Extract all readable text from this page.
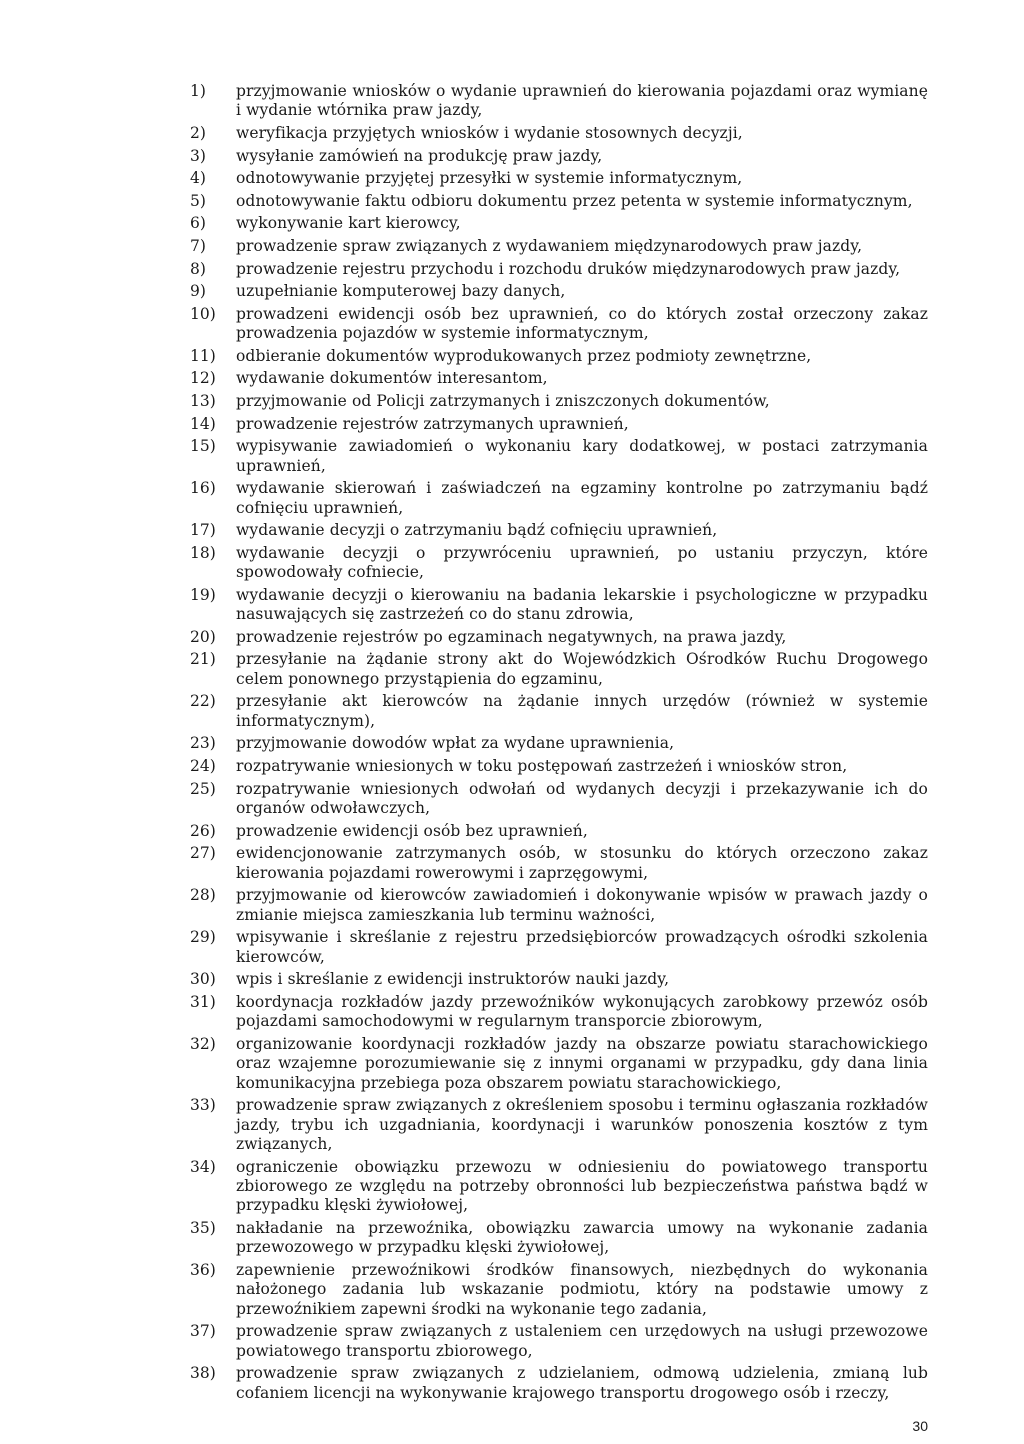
1)	przyjmowanie wniosków o wydanie uprawnień do kierowania pojazdami oraz wymianę i wydanie wtórnika praw jazdy,
2)	weryfikacja przyjętych wniosków i wydanie stosownych decyzji,
3)	wysyłanie zamówień na produkcję praw jazdy,
4)	odnotowywanie przyjętej przesyłki w systemie informatycznym,
5)	odnotowywanie faktu odbioru dokumentu przez petenta w systemie informatycznym,
6)	wykonywanie kart kierowcy,
7)	prowadzenie spraw związanych z wydawaniem międzynarodowych praw jazdy,
8)	prowadzenie rejestru przychodu i rozchodu druków międzynarodowych praw jazdy,
9)	uzupełnianie komputerowej bazy danych,
10)	prowadzeni ewidencji osób bez uprawnień, co do których został orzeczony zakaz prowadzenia pojazdów w systemie informatycznym,
11)	odbieranie dokumentów wyprodukowanych przez podmioty zewnętrzne,
12)	wydawanie dokumentów interesantom,
13)	przyjmowanie od Policji zatrzymanych i zniszczonych dokumentów,
14)	prowadzenie rejestrów zatrzymanych uprawnień,
15)	wypisywanie zawiadomień o wykonaniu kary dodatkowej, w postaci zatrzymania uprawnień,
16)	wydawanie skierowań i zaświadczeń na egzaminy kontrolne po zatrzymaniu bądź cofnięciu uprawnień,
17)	wydawanie decyzji o zatrzymaniu bądź cofnięciu uprawnień,
18)	wydawanie decyzji o przywróceniu uprawnień, po ustaniu przyczyn, które spowodowały cofniecie,
19)	wydawanie decyzji o kierowaniu na badania lekarskie i psychologiczne w przypadku nasuwających się zastrzeżeń co do stanu zdrowia,
20)	prowadzenie rejestrów po egzaminach negatywnych, na prawa jazdy,
21)	przesyłanie na żądanie strony akt do Wojewódzkich Ośrodków Ruchu Drogowego celem ponownego przystąpienia do egzaminu,
22)	przesyłanie akt kierowców na żądanie innych urzędów (również w systemie informatycznym),
23)	przyjmowanie dowodów wpłat za wydane uprawnienia,
24)	rozpatrywanie wniesionych w toku postępowań zastrzeżeń i wniosków stron,
25)	rozpatrywanie wniesionych odwołań od wydanych decyzji i przekazywanie ich do organów odwoławczych,
26)	prowadzenie ewidencji osób bez uprawnień,
27)	ewidencjonowanie zatrzymanych osób, w stosunku do których orzeczono zakaz kierowania pojazdami rowerowymi i zaprzęgowymi,
28)	przyjmowanie od kierowców zawiadomień i dokonywanie wpisów w prawach jazdy o zmianie miejsca zamieszkania lub terminu ważności,
29)	wpisywanie i skreślanie z rejestru przedsiębiorców prowadzących ośrodki szkolenia kierowców,
30)	wpis i skreślanie z ewidencji instruktorów nauki jazdy,
31)	koordynacja rozkładów jazdy przewoźników wykonujących zarobkowy przewóz osób pojazdami samochodowymi w regularnym transporcie zbiorowym,
32)	organizowanie koordynacji rozkładów jazdy na obszarze powiatu starachowickiego oraz wzajemne porozumiewanie się z innymi organami w przypadku, gdy dana linia komunikacyjna przebiega poza obszarem powiatu starachowickiego,
33)	prowadzenie spraw związanych z określeniem sposobu i terminu ogłaszania rozkładów jazdy, trybu ich uzgadniania, koordynacji i warunków ponoszenia kosztów z tym związanych,
34)	ograniczenie obowiązku przewozu w odniesieniu do powiatowego transportu zbiorowego ze względu na potrzeby obronności lub bezpieczeństwa państwa bądź w przypadku klęski żywiołowej,
35)	nakładanie na przewoźnika, obowiązku zawarcia umowy na wykonanie zadania przewozowego w przypadku klęski żywiołowej,
36)	zapewnienie przewoźnikowi środków finansowych, niezbędnych do wykonania nałożonego zadania lub wskazanie podmiotu, który na podstawie umowy z przewoźnikiem zapewni środki na wykonanie tego zadania,
37)	prowadzenie spraw związanych z ustaleniem cen urzędowych na usługi przewozowe powiatowego transportu zbiorowego,
38)	prowadzenie spraw związanych z udzielaniem, odmową udzielenia, zmianą lub cofaniem licencji na wykonywanie krajowego transportu drogowego osób i rzeczy,
30
